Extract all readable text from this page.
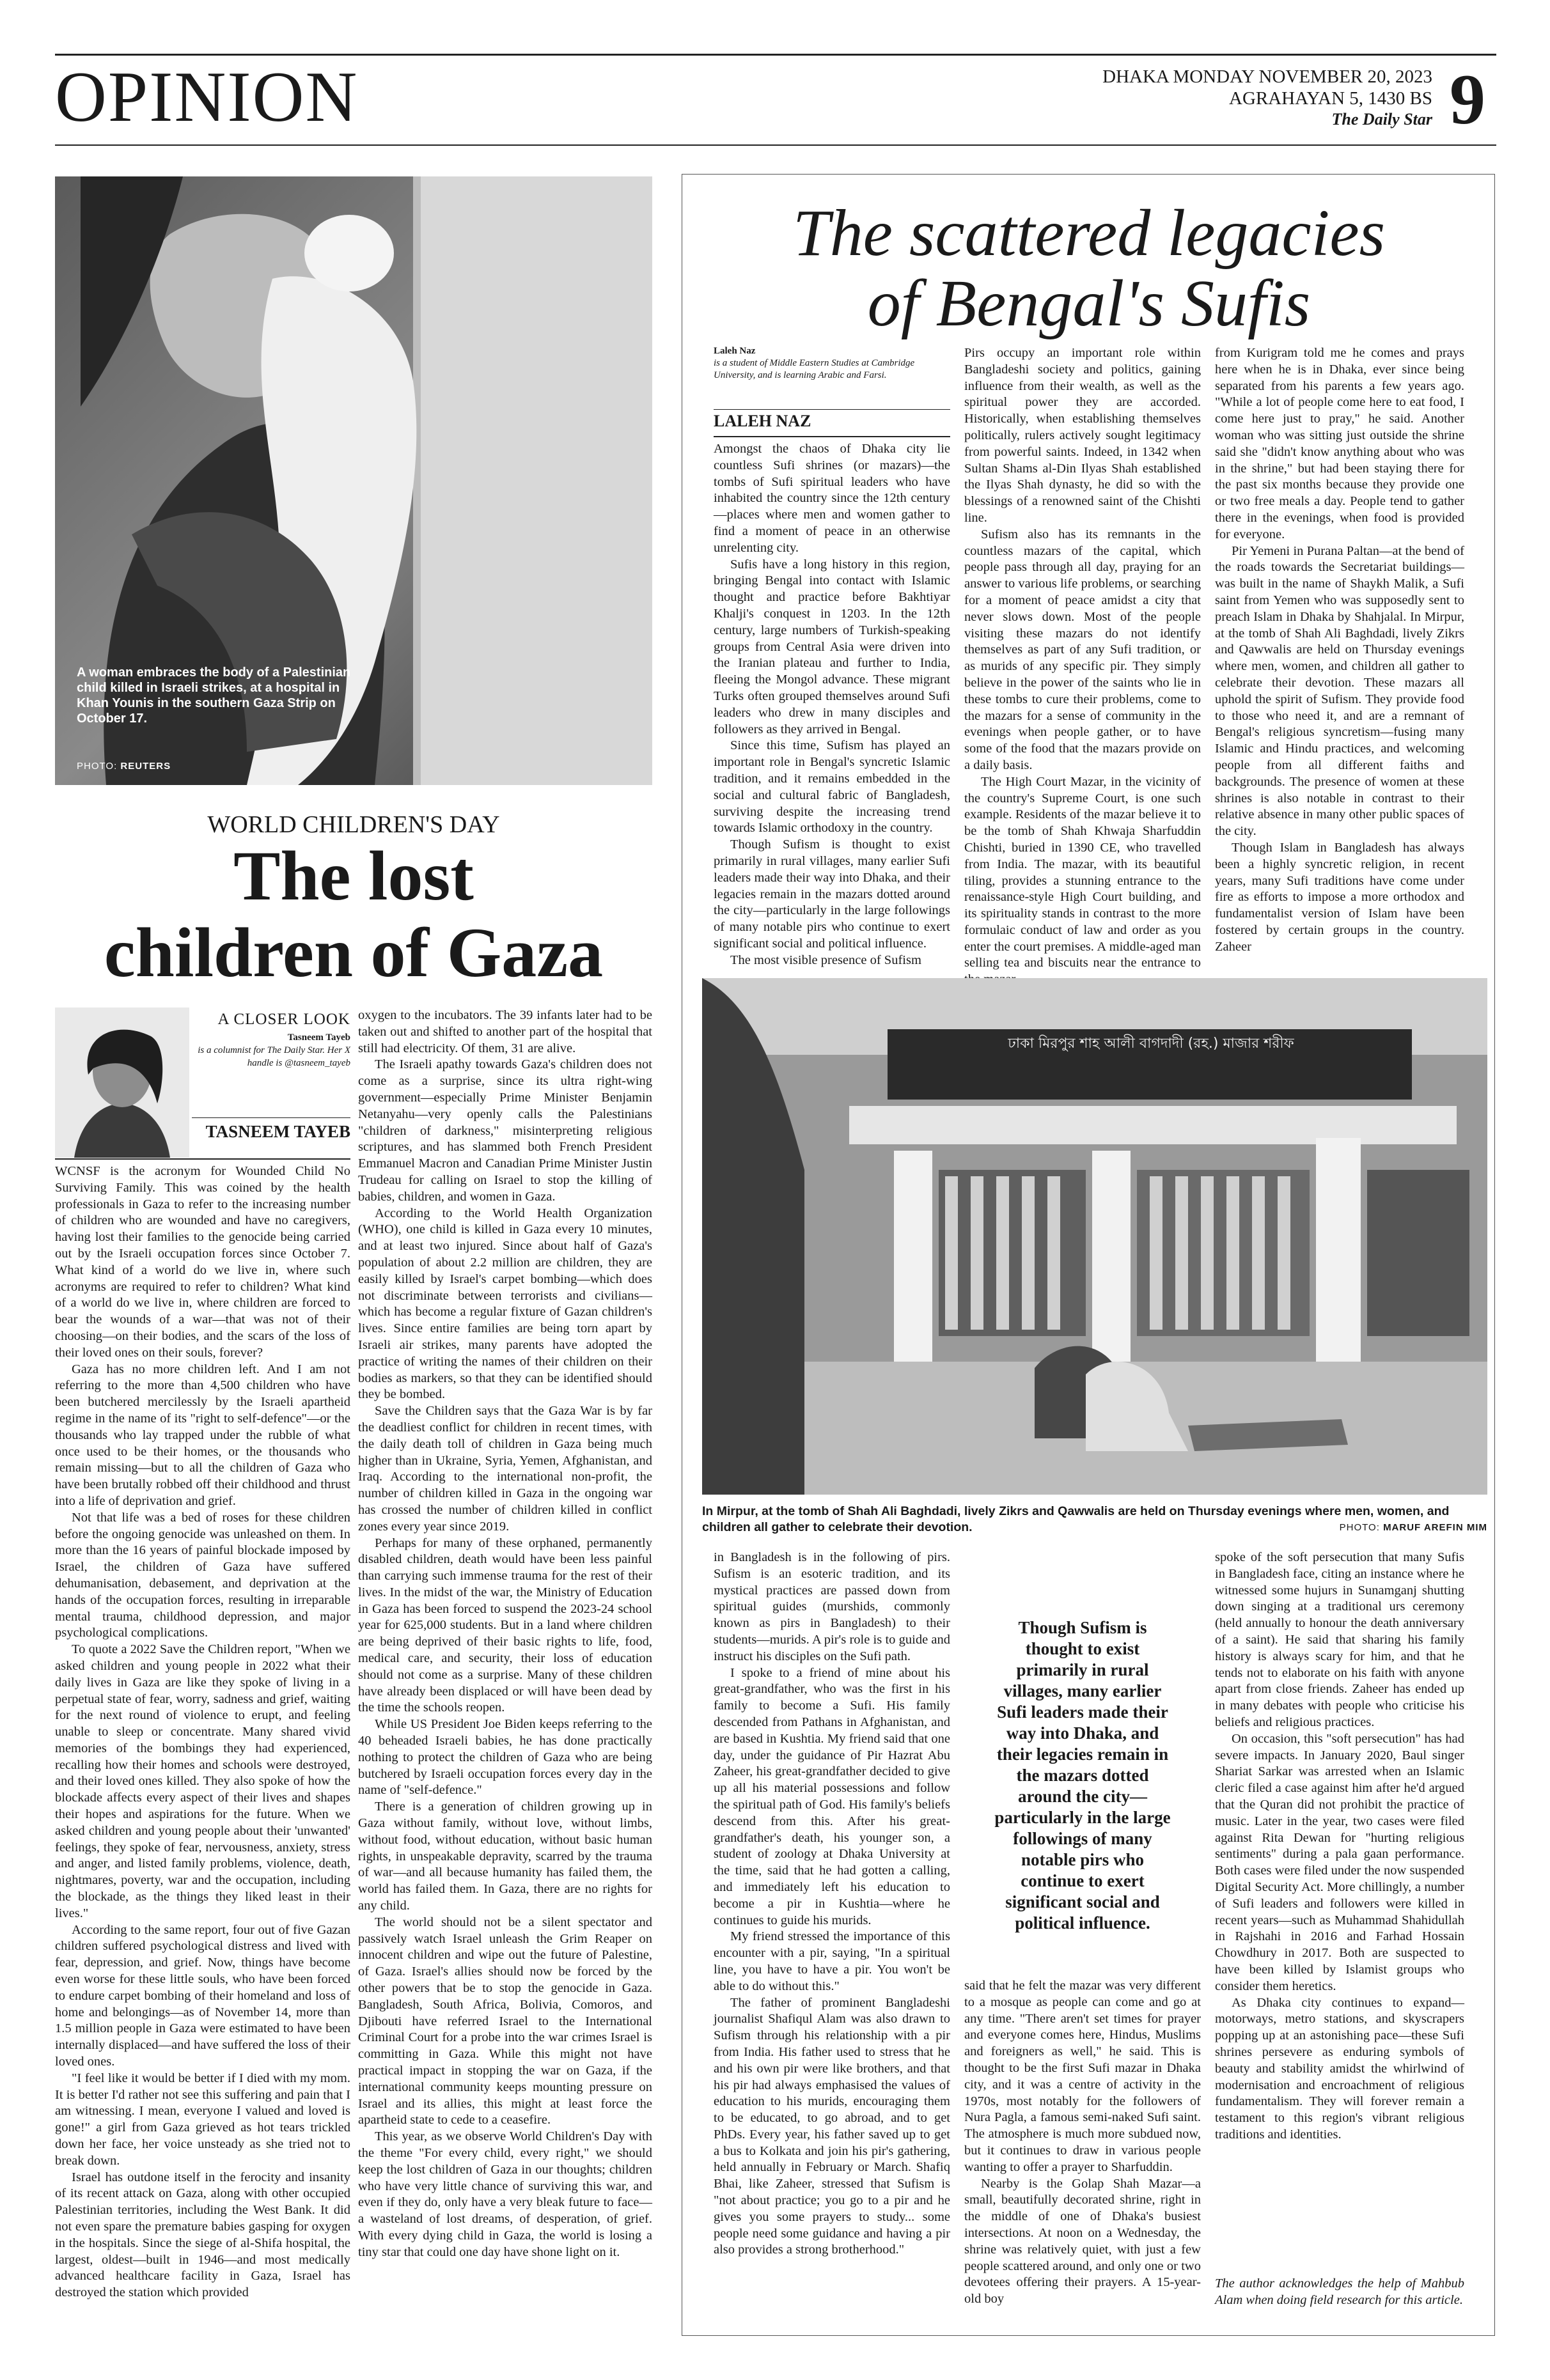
OPINION	DHAKA MONDAY NOVEMBER 20, 2023
AGRAHAYAN 5, 1430 BS
The Daily Star 9
A woman embraces the body of a Palestinian child killed in Israeli strikes, at a hospital in Khan Younis in the southern Gaza Strip on October 17.
PHOTO: REUTERS
WORLD CHILDREN'S DAY
The lost
children of Gaza
A CLOSER LOOK
Tasneem Tayeb
is a columnist for The Daily Star. Her X handle is @tasneem_tayeb
TASNEEM TAYEB

WCNSF is the acronym for Wounded Child No Surviving Family. This was coined by the health professionals in Gaza to refer to the increasing number of children who are wounded and have no caregivers, having lost their families to the genocide being carried out by the Israeli occupation forces since October 7. What kind of a world do we live in, where such acronyms are required to refer to children? What kind of a world do we live in, where children are forced to bear the wounds of a war—that was not of their choosing—on their bodies, and the scars of the loss of their loved ones on their souls, forever?

Gaza has no more children left. And I am not referring to the more than 4,500 children who have been butchered mercilessly by the Israeli apartheid regime in the name of its "right to self-defence"—or the thousands who lay trapped under the rubble of what once used to be their homes, or the thousands who remain missing—but to all the children of Gaza who have been brutally robbed off their childhood and thrust into a life of deprivation and grief.

Not that life was a bed of roses for these children before the ongoing genocide was unleashed on them. In more than the 16 years of painful blockade imposed by Israel, the children of Gaza have suffered dehumanisation, debasement, and deprivation at the hands of the occupation forces, resulting in irreparable mental trauma, childhood depression, and major psychological complications.

To quote a 2022 Save the Children report, "When we asked children and young people in 2022 what their daily lives in Gaza are like they spoke of living in a perpetual state of fear, worry, sadness and grief, waiting for the next round of violence to erupt, and feeling unable to sleep or concentrate. Many shared vivid memories of the bombings they had experienced, recalling how their homes and schools were destroyed, and their loved ones killed. They also spoke of how the blockade affects every aspect of their lives and shapes their hopes and aspirations for the future. When we asked children and young people about their 'unwanted' feelings, they spoke of fear, nervousness, anxiety, stress and anger, and listed family problems, violence, death, nightmares, poverty, war and the occupation, including the blockade, as the things they liked least in their lives."

According to the same report, four out of five Gazan children suffered psychological distress and lived with fear, depression, and grief. Now, things have become even worse for these little souls, who have been forced to endure carpet bombing of their homeland and loss of home and belongings—as of November 14, more than 1.5 million people in Gaza were estimated to have been internally displaced—and have suffered the loss of their loved ones.

"I feel like it would be better if I died with my mom. It is better I'd rather not see this suffering and pain that I am witnessing. I mean, everyone I valued and loved is gone!" a girl from Gaza grieved as hot tears trickled down her face, her voice unsteady as she tried not to break down.

Israel has outdone itself in the ferocity and insanity of its recent attack on Gaza, along with other occupied Palestinian territories, including the West Bank. It did not even spare the premature babies gasping for oxygen in the hospitals. Since the siege of al-Shifa hospital, the largest, oldest—built in 1946—and most medically advanced healthcare facility in Gaza, Israel has destroyed the station which provided

oxygen to the incubators. The 39 infants later had to be taken out and shifted to another part of the hospital that still had electricity. Of them, 31 are alive.

The Israeli apathy towards Gaza's children does not come as a surprise, since its ultra right-wing government—especially Prime Minister Benjamin Netanyahu—very openly calls the Palestinians "children of darkness," misinterpreting religious scriptures, and has slammed both French President Emmanuel Macron and Canadian Prime Minister Justin Trudeau for calling on Israel to stop the killing of babies, children, and women in Gaza.

According to the World Health Organization (WHO), one child is killed in Gaza every 10 minutes, and at least two injured. Since about half of Gaza's population of about 2.2 million are children, they are easily killed by Israel's carpet bombing—which does not discriminate between terrorists and civilians—which has become a regular fixture of Gazan children's lives. Since entire families are being torn apart by Israeli air strikes, many parents have adopted the practice of writing the names of their children on their bodies as markers, so that they can be identified should they be bombed.

Save the Children says that the Gaza War is by far the deadliest conflict for children in recent times, with the daily death toll of children in Gaza being much higher than in Ukraine, Syria, Yemen, Afghanistan, and Iraq. According to the international non-profit, the number of children killed in Gaza in the ongoing war has crossed the number of children killed in conflict zones every year since 2019.

Perhaps for many of these orphaned, permanently disabled children, death would have been less painful than carrying such immense trauma for the rest of their lives. In the midst of the war, the Ministry of Education in Gaza has been forced to suspend the 2023-24 school year for 625,000 students. But in a land where children are being deprived of their basic rights to life, food, medical care, and security, their loss of education should not come as a surprise. Many of these children have already been displaced or will have been dead by the time the schools reopen.

While US President Joe Biden keeps referring to the 40 beheaded Israeli babies, he has done practically nothing to protect the children of Gaza who are being butchered by Israeli occupation forces every day in the name of "self-defence."

There is a generation of children growing up in Gaza without family, without love, without limbs, without food, without education, without basic human rights, in unspeakable depravity, scarred by the trauma of war—and all because humanity has failed them, the world has failed them. In Gaza, there are no rights for any child.

The world should not be a silent spectator and passively watch Israel unleash the Grim Reaper on innocent children and wipe out the future of Palestine, of Gaza. Israel's allies should now be forced by the other powers that be to stop the genocide in Gaza. Bangladesh, South Africa, Bolivia, Comoros, and Djibouti have referred Israel to the International Criminal Court for a probe into the war crimes Israel is committing in Gaza. While this might not have practical impact in stopping the war on Gaza, if the international community keeps mounting pressure on Israel and its allies, this might at least force the apartheid state to cede to a ceasefire.

This year, as we observe World Children's Day with the theme "For every child, every right," we should keep the lost children of Gaza in our thoughts; children who have very little chance of surviving this war, and even if they do, only have a very bleak future to face—a wasteland of lost dreams, of desperation, of grief. With every dying child in Gaza, the world is losing a tiny star that could one day have shone light on it.

The scattered legacies
of Bengal's Sufis
Laleh Naz
is a student of Middle Eastern Studies at Cambridge University, and is learning Arabic and Farsi.
LALEH NAZ

Amongst the chaos of Dhaka city lie countless Sufi shrines (or mazars)—the tombs of Sufi spiritual leaders who have inhabited the country since the 12th century—places where men and women gather to find a moment of peace in an otherwise unrelenting city.

Sufis have a long history in this region, bringing Bengal into contact with Islamic thought and practice before Bakhtiyar Khalji's conquest in 1203. In the 12th century, large numbers of Turkish-speaking groups from Central Asia were driven into the Iranian plateau and further to India, fleeing the Mongol advance. These migrant Turks often grouped themselves around Sufi leaders who drew in many disciples and followers as they arrived in Bengal.

Since this time, Sufism has played an important role in Bengal's syncretic Islamic tradition, and it remains embedded in the social and cultural fabric of Bangladesh, surviving despite the increasing trend towards Islamic orthodoxy in the country.

Though Sufism is thought to exist primarily in rural villages, many earlier Sufi leaders made their way into Dhaka, and their legacies remain in the mazars dotted around the city—particularly in the large followings of many notable pirs who continue to exert significant social and political influence.

The most visible presence of Sufism

Pirs occupy an important role within Bangladeshi society and politics, gaining influence from their wealth, as well as the spiritual power they are accorded. Historically, when establishing themselves politically, rulers actively sought legitimacy from powerful saints. Indeed, in 1342 when Sultan Shams al-Din Ilyas Shah established the Ilyas Shah dynasty, he did so with the blessings of a renowned saint of the Chishti line.

Sufism also has its remnants in the countless mazars of the capital, which people pass through all day, praying for an answer to various life problems, or searching for a moment of peace amidst a city that never slows down. Most of the people visiting these mazars do not identify themselves as part of any Sufi tradition, or as murids of any specific pir. They simply believe in the power of the saints who lie in these tombs to cure their problems, come to the mazars for a sense of community in the evenings when people gather, or to have some of the food that the mazars provide on a daily basis.

The High Court Mazar, in the vicinity of the country's Supreme Court, is one such example. Residents of the mazar believe it to be the tomb of Shah Khwaja Sharfuddin Chishti, buried in 1390 CE, who travelled from India. The mazar, with its beautiful tiling, provides a stunning entrance to the renaissance-style High Court building, and its spirituality stands in contrast to the more formulaic conduct of law and order as you enter the court premises. A middle-aged man selling tea and biscuits near the entrance to

from Kurigram told me he comes and prays here when he is in Dhaka, ever since being separated from his parents a few years ago. "While a lot of people come here to eat food, I come here just to pray," he said. Another woman who was sitting just outside the shrine said she "didn't know anything about who was in the shrine," but had been staying there for the past six months because they provide one or two free meals a day. People tend to gather there in the evenings, when food is provided for everyone.

Pir Yemeni in Purana Paltan—at the bend of the roads towards the Secretariat buildings—was built in the name of Shaykh Malik, a Sufi saint from Yemen who was supposedly sent to preach Islam in Dhaka by Shahjalal. In Mirpur, at the tomb of Shah Ali Baghdadi, lively Zikrs and Qawwalis are held on Thursday evenings where men, women, and children all gather to celebrate their devotion. These mazars all uphold the spirit of Sufism. They provide food to those who need it, and are a remnant of Bengal's religious syncretism—fusing many Islamic and Hindu practices, and welcoming people from all different faiths and backgrounds. The presence of women at these shrines is also notable in contrast to their relative absence in many other public spaces of the city.

Though Islam in Bangladesh has always been a highly syncretic religion, in recent years, many Sufi traditions have come under fire as efforts to impose a more orthodox and fundamentalist version of Islam have been fostered by certain groups in the country. Zaheer

ঢাকা মিরপুর শাহ আলী বাগদাদী (রহ.) মাজার শরীফ
In Mirpur, at the tomb of Shah Ali Baghdadi, lively Zikrs and Qawwalis are held on Thursday evenings where men, women, and children all gather to celebrate their devotion.	PHOTO: MARUF AREFIN MIM

in Bangladesh is in the following of pirs. Sufism is an esoteric tradition, and its mystical practices are passed down from spiritual guides (murshids, commonly known as pirs in Bangladesh) to their students—murids. A pir's role is to guide and instruct his disciples on the Sufi path.

I spoke to a friend of mine about his great-grandfather, who was the first in his family to become a Sufi. His family descended from Pathans in Afghanistan, and are based in Kushtia. My friend said that one day, under the guidance of Pir Hazrat Abu Zaheer, his great-grandfather decided to give up all his material possessions and follow the spiritual path of God. His family's beliefs descend from this. After his great-grandfather's death, his younger son, a student of zoology at Dhaka University at the time, said that he had gotten a calling, and immediately left his education to become a pir in Kushtia—where he continues to guide his murids.

My friend stressed the importance of this encounter with a pir, saying, "In a spiritual line, you have to have a pir. You won't be able to do without this."

The father of prominent Bangladeshi journalist Shafiqul Alam was also drawn to Sufism through his relationship with a pir from India. His father used to stress that he and his own pir were like brothers, and that his pir had always emphasised the values of education to his murids, encouraging them to be educated, to go abroad, and to get PhDs. Every year, his father saved up to get a bus to Kolkata and join his pir's gathering, held annually in February or March. Shafiq Bhai, like Zaheer, stressed that Sufism is "not about practice; you go to a pir and he gives you some prayers to study... some people need some guidance and having a pir also provides a strong brotherhood."

Though Sufism is thought to exist primarily in rural villages, many earlier Sufi leaders made their way into Dhaka, and their legacies remain in the mazars dotted around the city—particularly in the large followings of many notable pirs who continue to exert significant social and political influence.

said that he felt the mazar was very different to a mosque as people can come and go at any time. "There aren't set times for prayer and everyone comes here, Hindus, Muslims and foreigners as well," he said. This is thought to be the first Sufi mazar in Dhaka city, and it was a centre of activity in the 1970s, most notably for the followers of Nura Pagla, a famous semi-naked Sufi saint. The atmosphere is much more subdued now, but it continues to draw in various people wanting to offer a prayer to Sharfuddin.

Nearby is the Golap Shah Mazar—a small, beautifully decorated shrine, right in the middle of one of Dhaka's busiest intersections. At noon on a Wednesday, the shrine was relatively quiet, with just a few people scattered around, and only one or two devotees offering their prayers. A 15-year-old boy

spoke of the soft persecution that many Sufis in Bangladesh face, citing an instance where he witnessed some hujurs in Sunamganj shutting down singing at a traditional urs ceremony (held annually to honour the death anniversary of a saint). He said that sharing his family history is always scary for him, and that he tends not to elaborate on his faith with anyone apart from close friends. Zaheer has ended up in many debates with people who criticise his beliefs and religious practices.

On occasion, this "soft persecution" has had severe impacts. In January 2020, Baul singer Shariat Sarkar was arrested when an Islamic cleric filed a case against him after he'd argued that the Quran did not prohibit the practice of music. Later in the year, two cases were filed against Rita Dewan for "hurting religious sentiments" during a pala gaan performance. Both cases were filed under the now suspended Digital Security Act. More chillingly, a number of Sufi leaders and followers were killed in recent years—such as Muhammad Shahidullah in Rajshahi in 2016 and Farhad Hossain Chowdhury in 2017. Both are suspected to have been killed by Islamist groups who consider them heretics.

As Dhaka city continues to expand—motorways, metro stations, and skyscrapers popping up at an astonishing pace—these Sufi shrines persevere as enduring symbols of beauty and stability amidst the whirlwind of modernisation and encroachment of religious fundamentalism. They will forever remain a testament to this region's vibrant religious traditions and identities.

The author acknowledges the help of Mahbub Alam when doing field research for this article.
